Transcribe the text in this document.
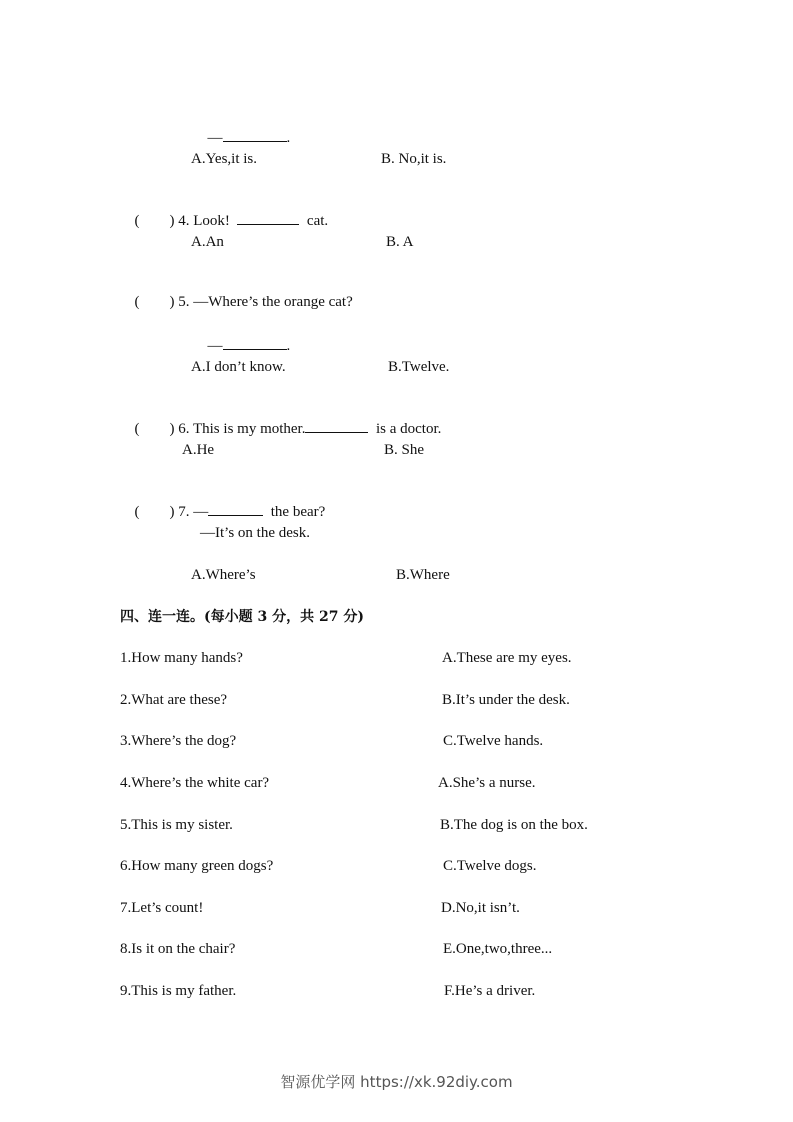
—	.

A.Yes,it is.	B. No,it is.

(　　) 4. Look!	cat.

A.An	B. A

(　　) 5. —Where’s the orange cat?

—	.

A.I don’t know.	B.Twelve.

(　　) 6. This is my mother.	is a doctor.

A.He	B. She

(　　) 7. —	the bear?

—It’s on the desk.
A.Where’s	B.Where
四、连一连。(每小题 3 分，共 27 分)
1.How many hands?	A.These are my eyes.
2.What are these?	B.It’s under the desk.
3.Where’s the dog?	C.Twelve hands.
4.Where’s the white car?	A.She’s a nurse.
5.This is my sister.	B.The dog is on the box.
6.How many green dogs?	C.Twelve dogs.
7.Let’s count!	D.No,it isn’t.
8.Is it on the chair?	E.One,two,three...
9.This is my father.	F.He’s a driver.
智源优学网 https://xk.92diy.com
